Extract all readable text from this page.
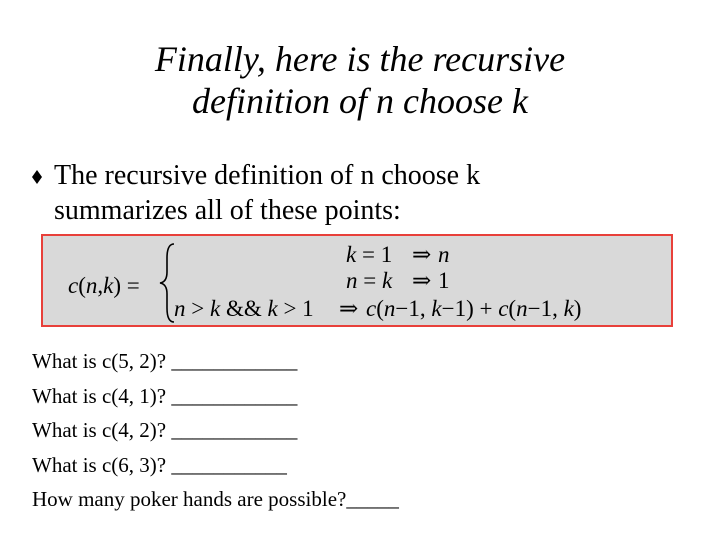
Finally, here is the recursive
definition of n choose k
The recursive definition of n choose k
summarizes all of these points:
c(n,k) =
k = 1 ⇒ n
n = k ⇒ 1
n > k && k > 1 ⇒ c(n−1, k−1) + c(n−1, k)
What is c(5, 2)? ____________
What is c(4, 1)? ____________
What is c(4, 2)? ____________
What is c(6, 3)? ___________
How many poker hands are possible?_____
